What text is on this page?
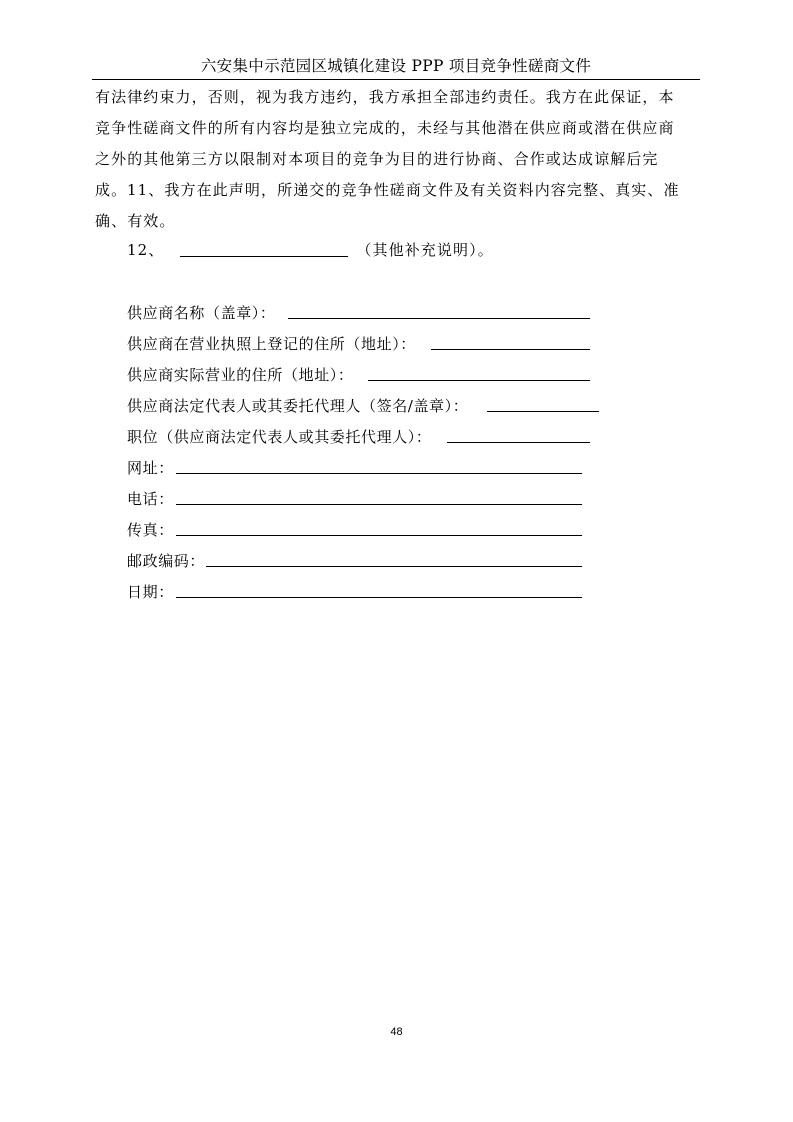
六安集中示范园区城镇化建设 PPP 项目竞争性磋商文件

有法律约束力，否则，视为我方违约，我方承担全部违约责任。我方在此保证，本竞争性磋商文件的所有内容均是独立完成的，未经与其他潜在供应商或潜在供应商之外的其他第三方以限制对本项目的竞争为目的进行协商、合作或达成谅解后完成。 11、我方在此声明，所递交的竞争性磋商文件及有关资料内容完整、真实、准确、有效。

12、	（其他补充说明）。
供应商名称（盖章）：
供应商在营业执照上登记的住所（地址）：
供应商实际营业的住所（地址）：
供应商法定代表人或其委托代理人（签名/盖章）：
职位（供应商法定代表人或其委托代理人）：
网址：
电话：
传真：
邮政编码：
日期：
48
